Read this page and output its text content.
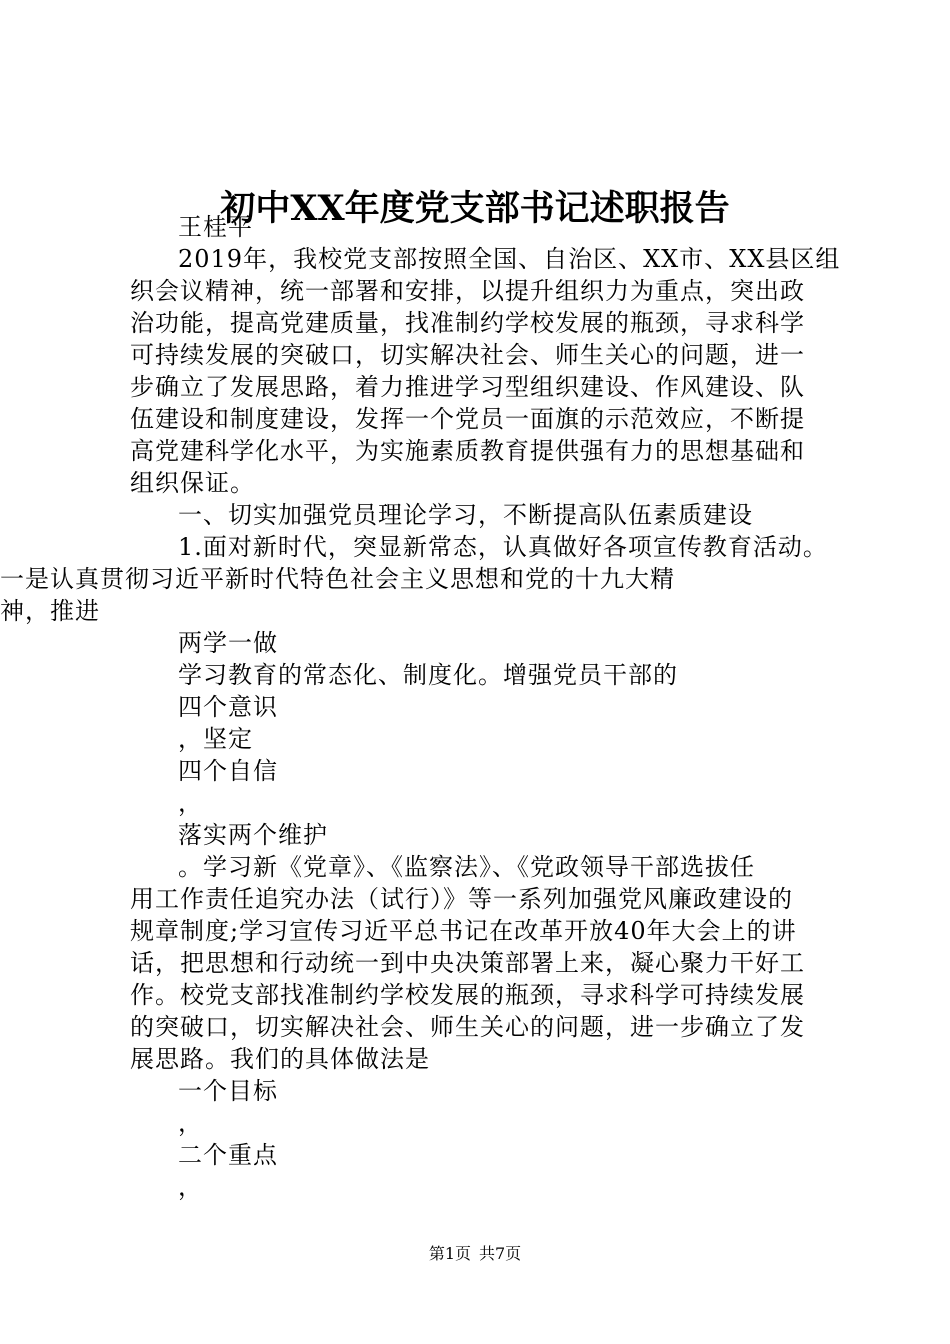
初中XX年度党支部书记述职报告
王桂平
2019年，我校党支部按照全国、自治区、XX市、XX县区组
织会议精神，统一部署和安排，以提升组织力为重点，突出政
治功能，提高党建质量，找准制约学校发展的瓶颈，寻求科学
可持续发展的突破口，切实解决社会、师生关心的问题，进一
步确立了发展思路，着力推进学习型组织建设、作风建设、队
伍建设和制度建设，发挥一个党员一面旗的示范效应，不断提
高党建科学化水平，为实施素质教育提供强有力的思想基础和
组织保证。
一、切实加强党员理论学习，不断提高队伍素质建设
1.面对新时代，突显新常态，认真做好各项宣传教育活动。
一是认真贯彻习近平新时代特色社会主义思想和党的十九大精
神，推进
两学一做
学习教育的常态化、制度化。增强党员干部的
四个意识
，坚定
四个自信
，
落实两个维护
。学习新《党章》、《监察法》、《党政领导干部选拔任
用工作责任追究办法（试行）》等一系列加强党风廉政建设的
规章制度;学习宣传习近平总书记在改革开放40年大会上的讲
话，把思想和行动统一到中央决策部署上来，凝心聚力干好工
作。校党支部找准制约学校发展的瓶颈，寻求科学可持续发展
的突破口，切实解决社会、师生关心的问题，进一步确立了发
展思路。我们的具体做法是
一个目标
，
二个重点
，
第1页 共7页
